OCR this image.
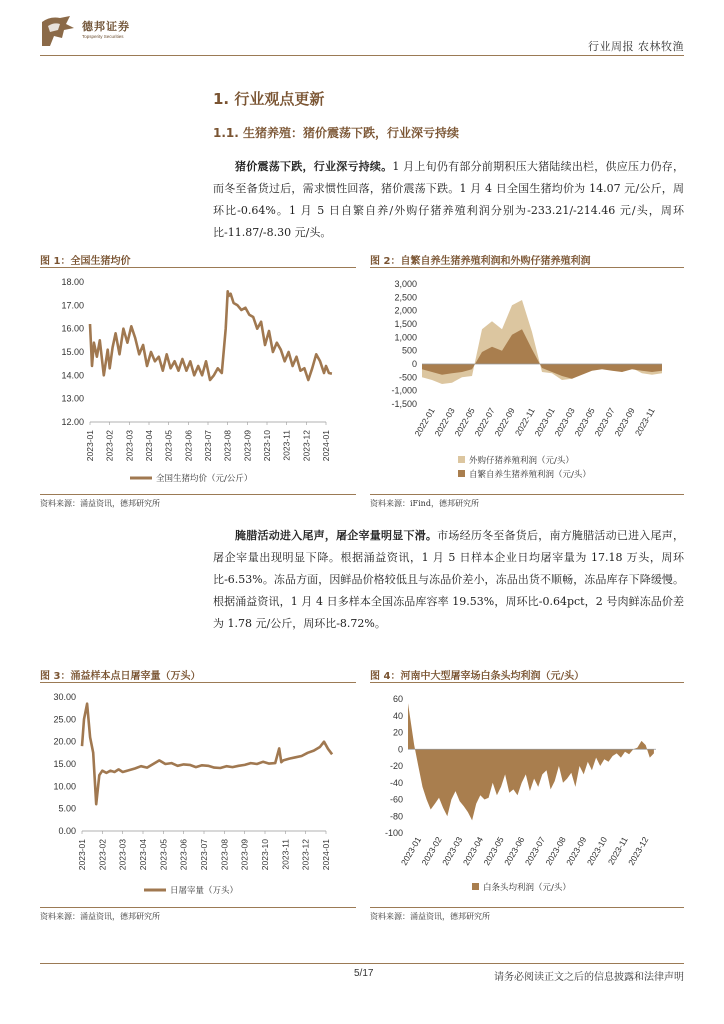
德邦证券
Topsperity Securities
行业周报 农林牧渔
1. 行业观点更新
1.1. 生猪养殖：猪价震荡下跌，行业深亏持续
猪价震荡下跌，行业深亏持续。1 月上旬仍有部分前期积压大猪陆续出栏，供应压力仍存，而冬至备货过后，需求惯性回落，猪价震荡下跌。1 月 4 日全国生猪均价为 14.07 元/公斤，周环比-0.64%。1 月 5 日自繁自养/外购仔猪养殖利润分别为-233.21/-214.46 元/头，周环比-11.87/-8.30 元/头。
图 1：全国生猪均价
12.00
13.00
14.00
15.00
16.00
17.00
18.00
2023-01 2023-02 2023-03 2023-04 2023-05 2023-06 2023-07 2023-08 2023-09 2023-10 2023-11 2023-12 2024-01
全国生猪均价（元/公斤）
资料来源：涌益资讯，德邦研究所
图 2：自繁自养生猪养殖利润和外购仔猪养殖利润
3,000
2,500
2,000
1,500
1,000
500
0
-500
-1,000
-1,500
2022-01
2022-03
2022-05
2022-07
2022-09
2022-11
2023-01
2023-03
2023-05
2023-07
2023-09
2023-11
外购仔猪养殖利润（元/头）
自繁自养生猪养殖利润（元/头）
资料来源：iFind，德邦研究所
腌腊活动进入尾声，屠企宰量明显下滑。市场经历冬至备货后，南方腌腊活动已进入尾声，屠企宰量出现明显下降。根据涌益资讯，1 月 5 日样本企业日均屠宰量为 17.18 万头，周环比-6.53%。冻品方面，因鲜品价格较低且与冻品价差小，冻品出货不顺畅，冻品库存下降缓慢。根据涌益资讯，1 月 4 日多样本全国冻品库容率 19.53%，周环比-0.64pct，2 号肉鲜冻品价差为 1.78 元/公斤，周环比-8.72%。
图 3：涌益样本点日屠宰量（万头）
0.00
5.00
10.00
15.00
20.00
25.00
30.00
2023-01 2023-02 2023-03 2023-04 2023-05 2023-06 2023-07 2023-08 2023-09 2023-10 2023-11 2023-12 2024-01
日屠宰量（万头）
资料来源：涌益资讯，德邦研究所
图 4：河南中大型屠宰场白条头均利润（元/头）
60
40
20
0
-20
-40
-60
-80
-100
2023-01
2023-02
2023-03
2023-04
2023-05
2023-06
2023-07
2023-08
2023-09
2023-10
2023-11
2023-12
白条头均利润（元/头）
资料来源：涌益资讯，德邦研究所
5/17	请务必阅读正文之后的信息披露和法律声明
